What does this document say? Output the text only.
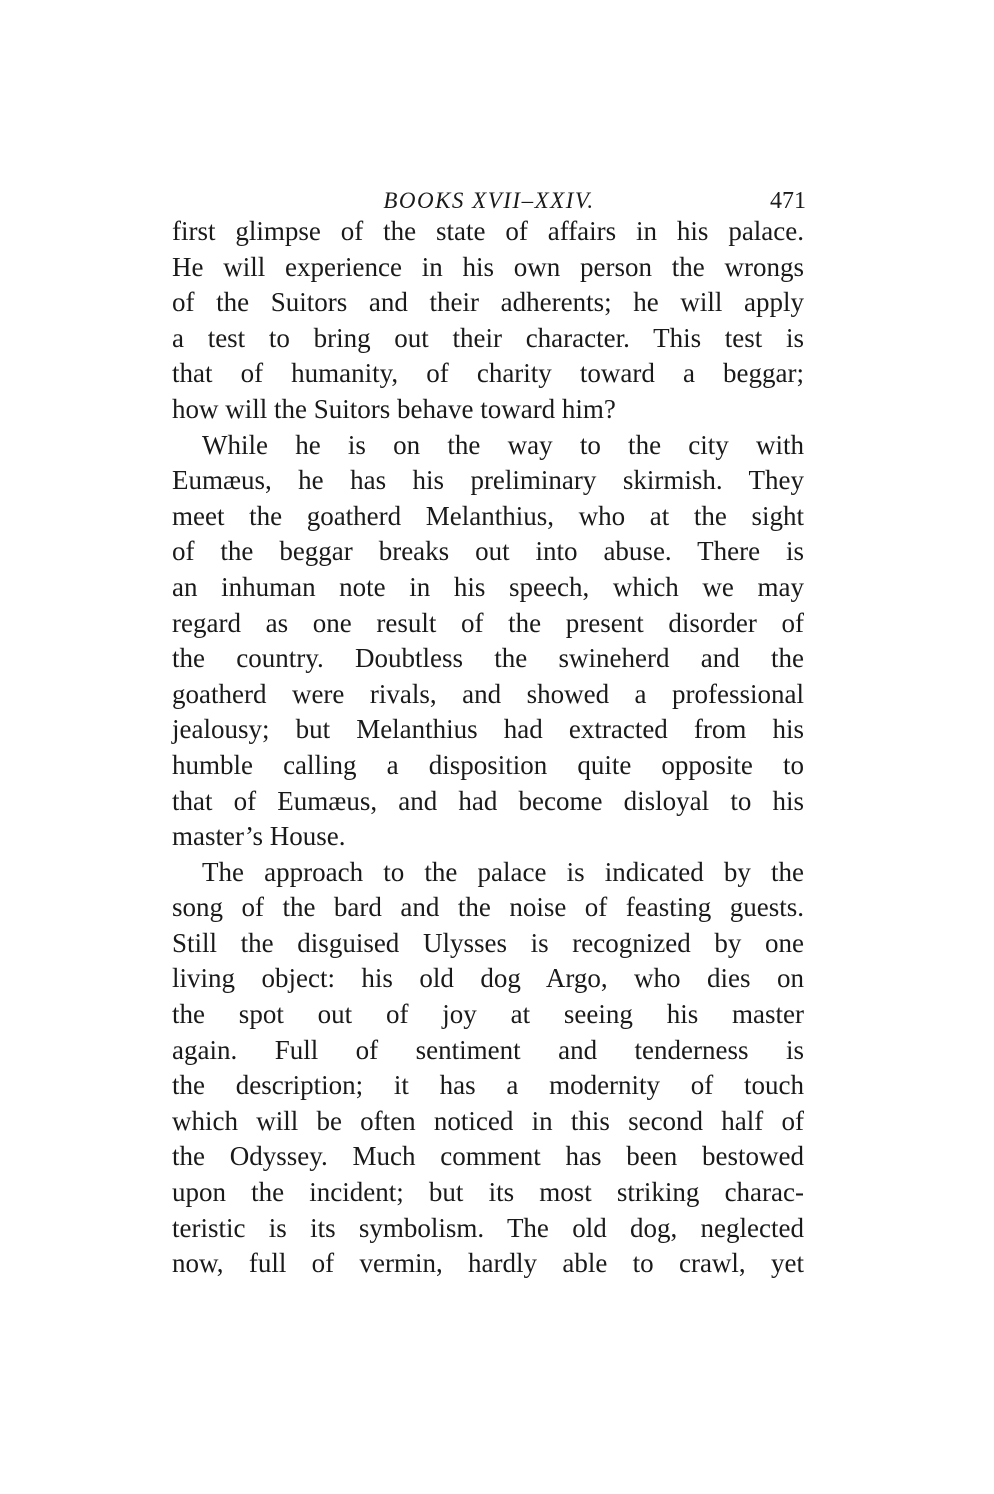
BOOKS XVII–XXIV.	471
first glimpse of the state of affairs in his palace.
He will experience in his own person the wrongs
of the Suitors and their adherents; he will apply
a test to bring out their character. This test is
that of humanity, of charity toward a beggar;
how will the Suitors behave toward him?
While he is on the way to the city with
Eumæus, he has his preliminary skirmish. They
meet the goatherd Melanthius, who at the sight
of the beggar breaks out into abuse. There is
an inhuman note in his speech, which we may
regard as one result of the present disorder of
the country. Doubtless the swineherd and the
goatherd were rivals, and showed a professional
jealousy; but Melanthius had extracted from his
humble calling a disposition quite opposite to
that of Eumæus, and had become disloyal to his
master’s House.
The approach to the palace is indicated by the
song of the bard and the noise of feasting guests.
Still the disguised Ulysses is recognized by one
living object: his old dog Argo, who dies on
the spot out of joy at seeing his master
again. Full of sentiment and tenderness is
the description; it has a modernity of touch
which will be often noticed in this second half of
the Odyssey. Much comment has been bestowed
upon the incident; but its most striking charac-
teristic is its symbolism. The old dog, neglected
now, full of vermin, hardly able to crawl, yet
